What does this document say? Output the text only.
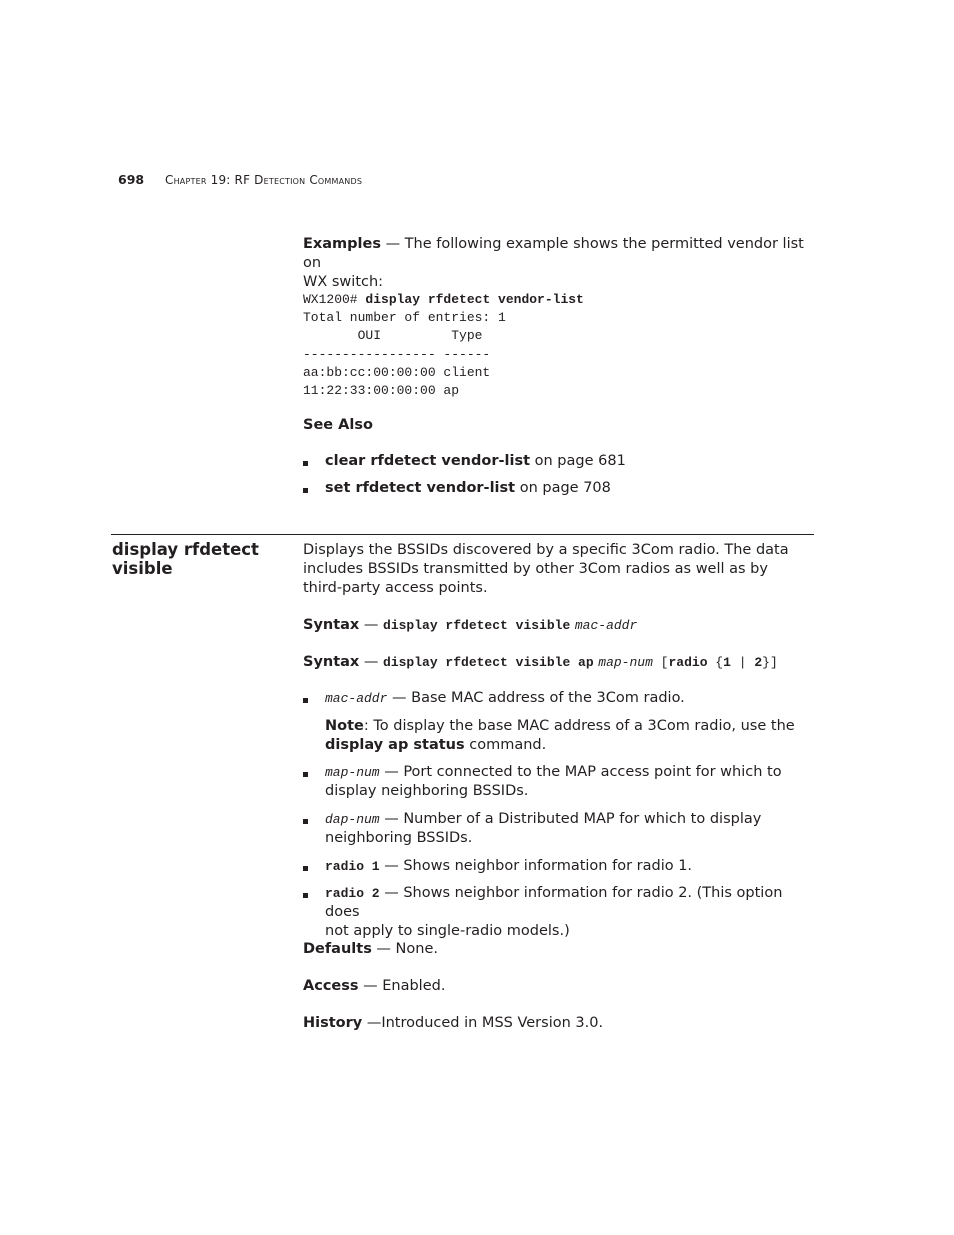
698 Chapter 19: RF Detection Commands
Examples — The following example shows the permitted vendor list on
WX switch:
WX1200# display rfdetect vendor-list
Total number of entries: 1
OUI         Type
----------------- ------
aa:bb:cc:00:00:00 client
11:22:33:00:00:00 ap
See Also
clear rfdetect vendor-list on page 681
set rfdetect vendor-list on page 708
display rfdetect visible
Displays the BSSIDs discovered by a specific 3Com radio. The data
includes BSSIDs transmitted by other 3Com radios as well as by
third-party access points.
Syntax — display rfdetect visible mac-addr
Syntax — display rfdetect visible ap map-num [radio {1 | 2}]
mac-addr — Base MAC address of the 3Com radio.
Note: To display the base MAC address of a 3Com radio, use the
display ap status command.
map-num — Port connected to the MAP access point for which to
display neighboring BSSIDs.
dap-num — Number of a Distributed MAP for which to display
neighboring BSSIDs.
radio 1 — Shows neighbor information for radio 1.
radio 2 — Shows neighbor information for radio 2. (This option does
not apply to single-radio models.)
Defaults — None.
Access — Enabled.
History —Introduced in MSS Version 3.0.
